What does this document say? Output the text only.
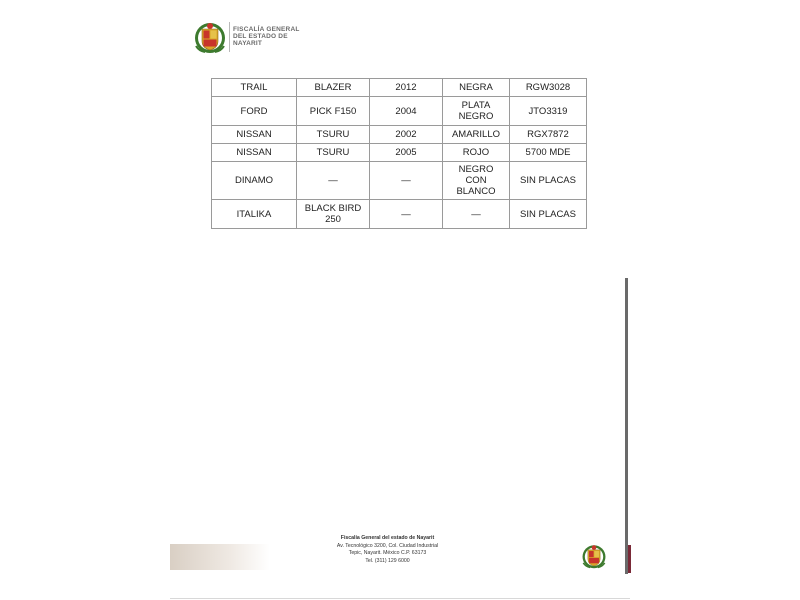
FISCALÍA GENERAL
DEL ESTADO DE
NAYARIT
TRAIL	BLAZER	2012	NEGRA	RGW3028
FORD	PICK F150	2004	PLATA NEGRO	JTO3319
NISSAN	TSURU	2002	AMARILLO	RGX7872
NISSAN	TSURU	2005	ROJO	5700 MDE
DINAMO	—	—	NEGRO CON BLANCO	SIN PLACAS
ITALIKA	BLACK BIRD 250	—	—	SIN PLACAS
Fiscalía General del estado de Nayarit
Av. Tecnológico 3200, Col. Ciudad Industrial
Tepic, Nayarit. México C.P. 63173
Tel. (311) 129 6000
